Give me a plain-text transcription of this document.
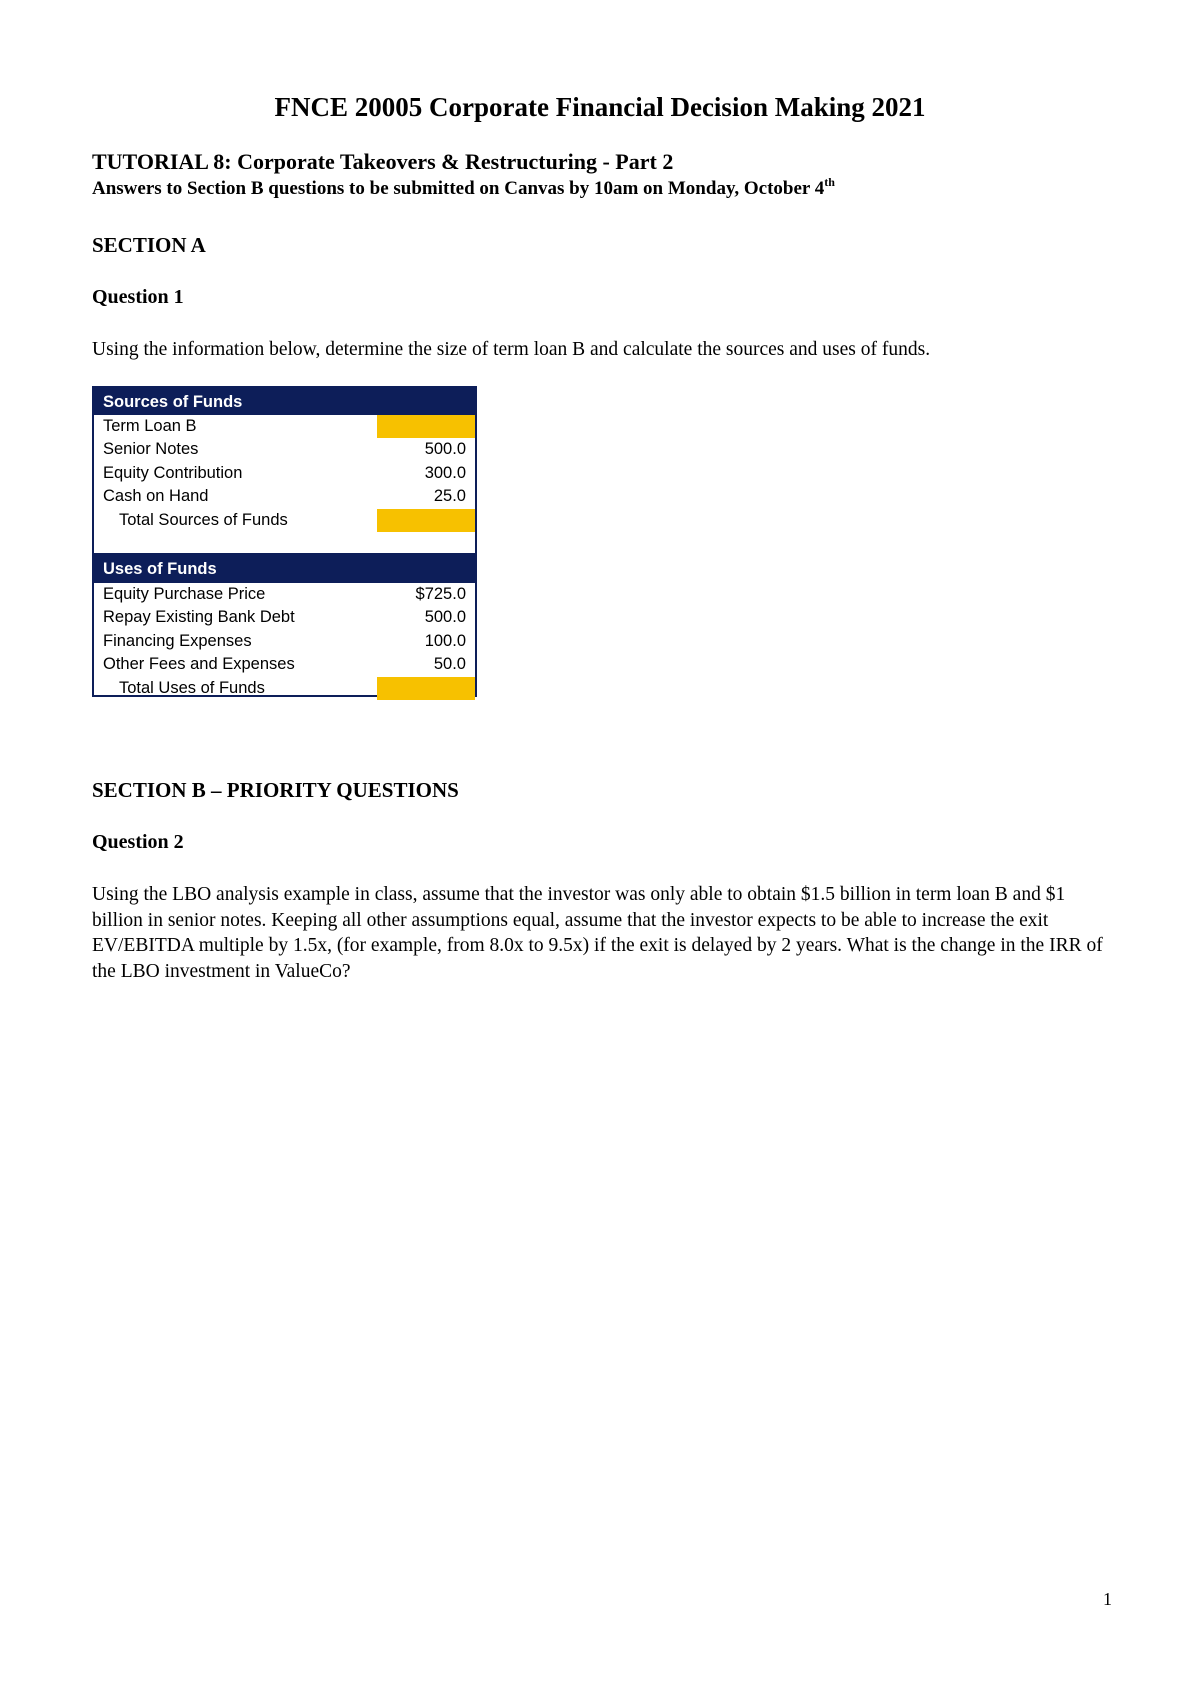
FNCE 20005 Corporate Financial Decision Making 2021
TUTORIAL 8: Corporate Takeovers & Restructuring - Part 2

Answers to Section B questions to be submitted on Canvas by 10am on Monday, October 4th

SECTION A
Question 1

Using the information below, determine the size of term loan B and calculate the sources and uses of funds.

Sources of Funds
Term Loan B
Senior Notes	500.0
Equity Contribution	300.0
Cash on Hand	25.0
Total Sources of Funds
Uses of Funds
Equity Purchase Price	$725.0
Repay Existing Bank Debt	500.0
Financing Expenses	100.0
Other Fees and Expenses	50.0
Total Uses of Funds
SECTION B – PRIORITY QUESTIONS
Question 2

Using the LBO analysis example in class, assume that the investor was only able to obtain $1.5 billion in term loan B and $1 billion in senior notes. Keeping all other assumptions equal, assume that the investor expects to be able to increase the exit EV/EBITDA multiple by 1.5x, (for example, from 8.0x to 9.5x) if the exit is delayed by 2 years. What is the change in the IRR of the LBO investment in ValueCo?

1
